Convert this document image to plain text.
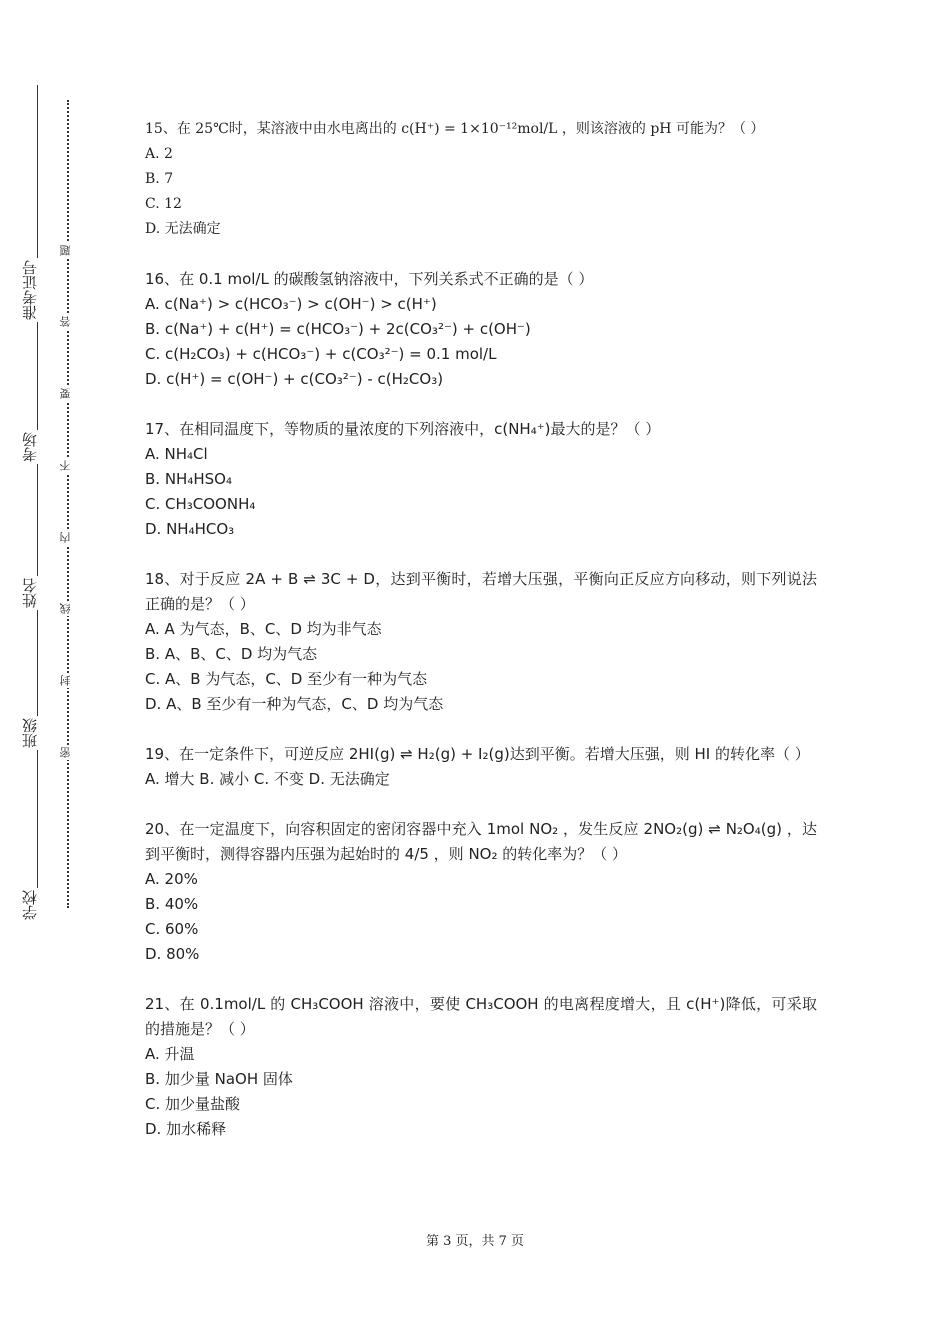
准考证号
考场
姓名
班级
学校
题
答
要
不
内
线
封
密

15、在 25℃时，某溶液中由水电离出的 c(H⁺) = 1×10⁻¹²mol/L ，则该溶液的 pH 可能为？（ ）

A. 2

B. 7

C. 12

D. 无法确定

16、在 0.1 mol/L 的碳酸氢钠溶液中，下列关系式不正确的是（ ）

A. c(Na⁺) > c(HCO₃⁻) > c(OH⁻) > c(H⁺)

B. c(Na⁺) + c(H⁺) = c(HCO₃⁻) + 2c(CO₃²⁻) + c(OH⁻)

C. c(H₂CO₃) + c(HCO₃⁻) + c(CO₃²⁻) = 0.1 mol/L

D. c(H⁺) = c(OH⁻) + c(CO₃²⁻) - c(H₂CO₃)

17、在相同温度下，等物质的量浓度的下列溶液中，c(NH₄⁺)最大的是？（ ）

A. NH₄Cl

B. NH₄HSO₄

C. CH₃COONH₄

D. NH₄HCO₃

18、对于反应 2A + B ⇌ 3C + D，达到平衡时，若增大压强，平衡向正反应方向移动，则下列说法正确的是？（ ）

A. A 为气态，B、C、D 均为非气态

B. A、B、C、D 均为气态

C. A、B 为气态，C、D 至少有一种为气态

D. A、B 至少有一种为气态，C、D 均为气态

19、在一定条件下，可逆反应 2HI(g) ⇌ H₂(g) + I₂(g)达到平衡。若增大压强，则 HI 的转化率（ ）

A. 增大 B. 减小 C. 不变 D. 无法确定

20、在一定温度下，向容积固定的密闭容器中充入 1mol NO₂ ，发生反应 2NO₂(g) ⇌ N₂O₄(g) ，达到平衡时，测得容器内压强为起始时的 4/5 ，则 NO₂ 的转化率为？（ ）

A. 20%

B. 40%

C. 60%

D. 80%

21、在 0.1mol/L 的 CH₃COOH 溶液中，要使 CH₃COOH 的电离程度增大，且 c(H⁺)降低，可采取的措施是？（ ）

A. 升温

B. 加少量 NaOH 固体

C. 加少量盐酸

D. 加水稀释

第 3 页，共 7 页
